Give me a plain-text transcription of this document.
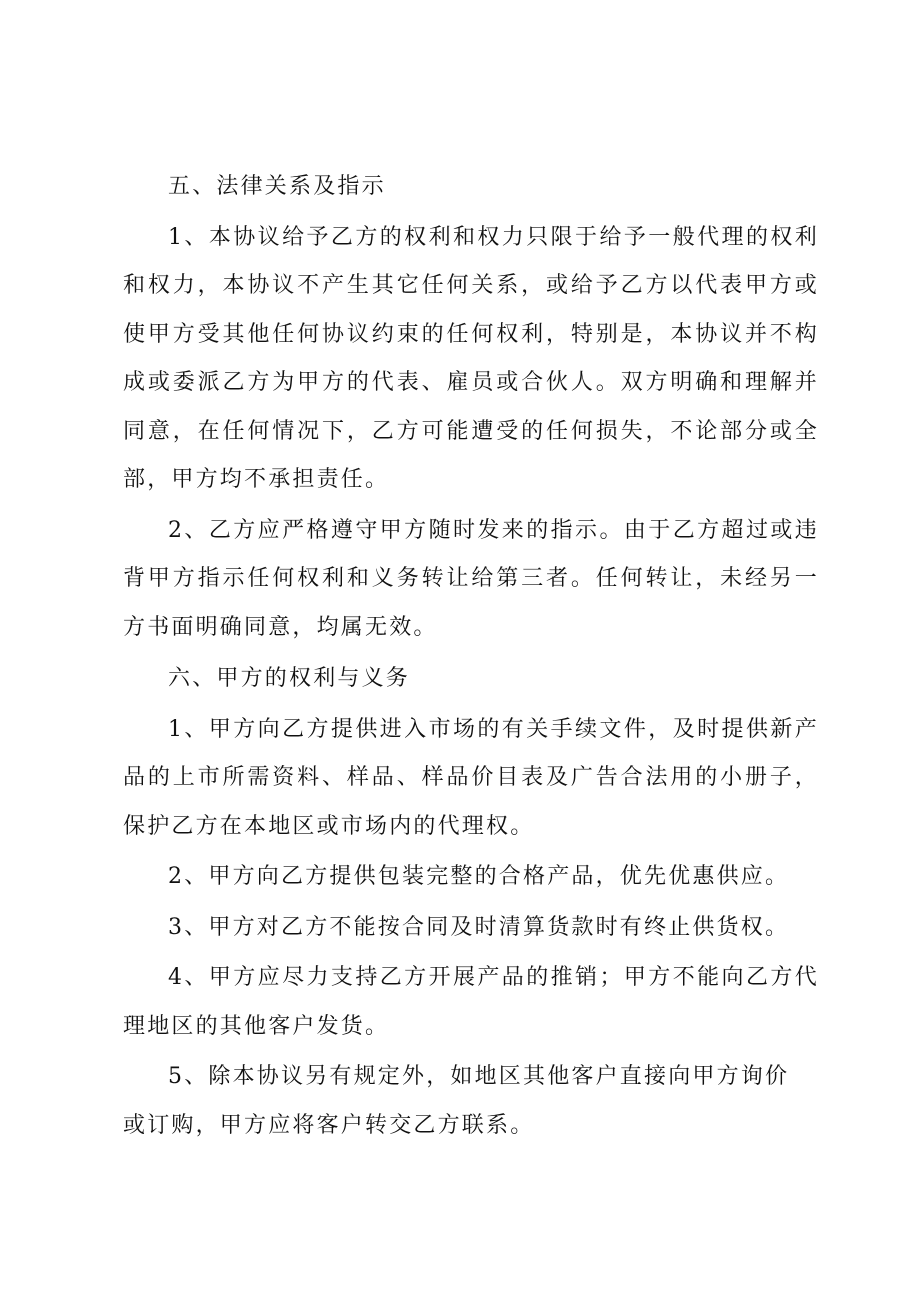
五、法律关系及指示

1、本协议给予乙方的权利和权力只限于给予一般代理的权利和权力，本协议不产生其它任何关系，或给予乙方以代表甲方或使甲方受其他任何协议约束的任何权利，特别是，本协议并不构成或委派乙方为甲方的代表、雇员或合伙人。双方明确和理解并同意，在任何情况下，乙方可能遭受的任何损失，不论部分或全部，甲方均不承担责任。

2、乙方应严格遵守甲方随时发来的指示。由于乙方超过或违背甲方指示任何权利和义务转让给第三者。任何转让，未经另一方书面明确同意，均属无效。

六、甲方的权利与义务

1、甲方向乙方提供进入市场的有关手续文件，及时提供新产品的上市所需资料、样品、样品价目表及广告合法用的小册子，保护乙方在本地区或市场内的代理权。

2、甲方向乙方提供包装完整的合格产品，优先优惠供应。

3、甲方对乙方不能按合同及时清算货款时有终止供货权。

4、甲方应尽力支持乙方开展产品的推销；甲方不能向乙方代理地区的其他客户发货。

5、除本协议另有规定外，如地区其他客户直接向甲方询价
或订购，甲方应将客户转交乙方联系。
